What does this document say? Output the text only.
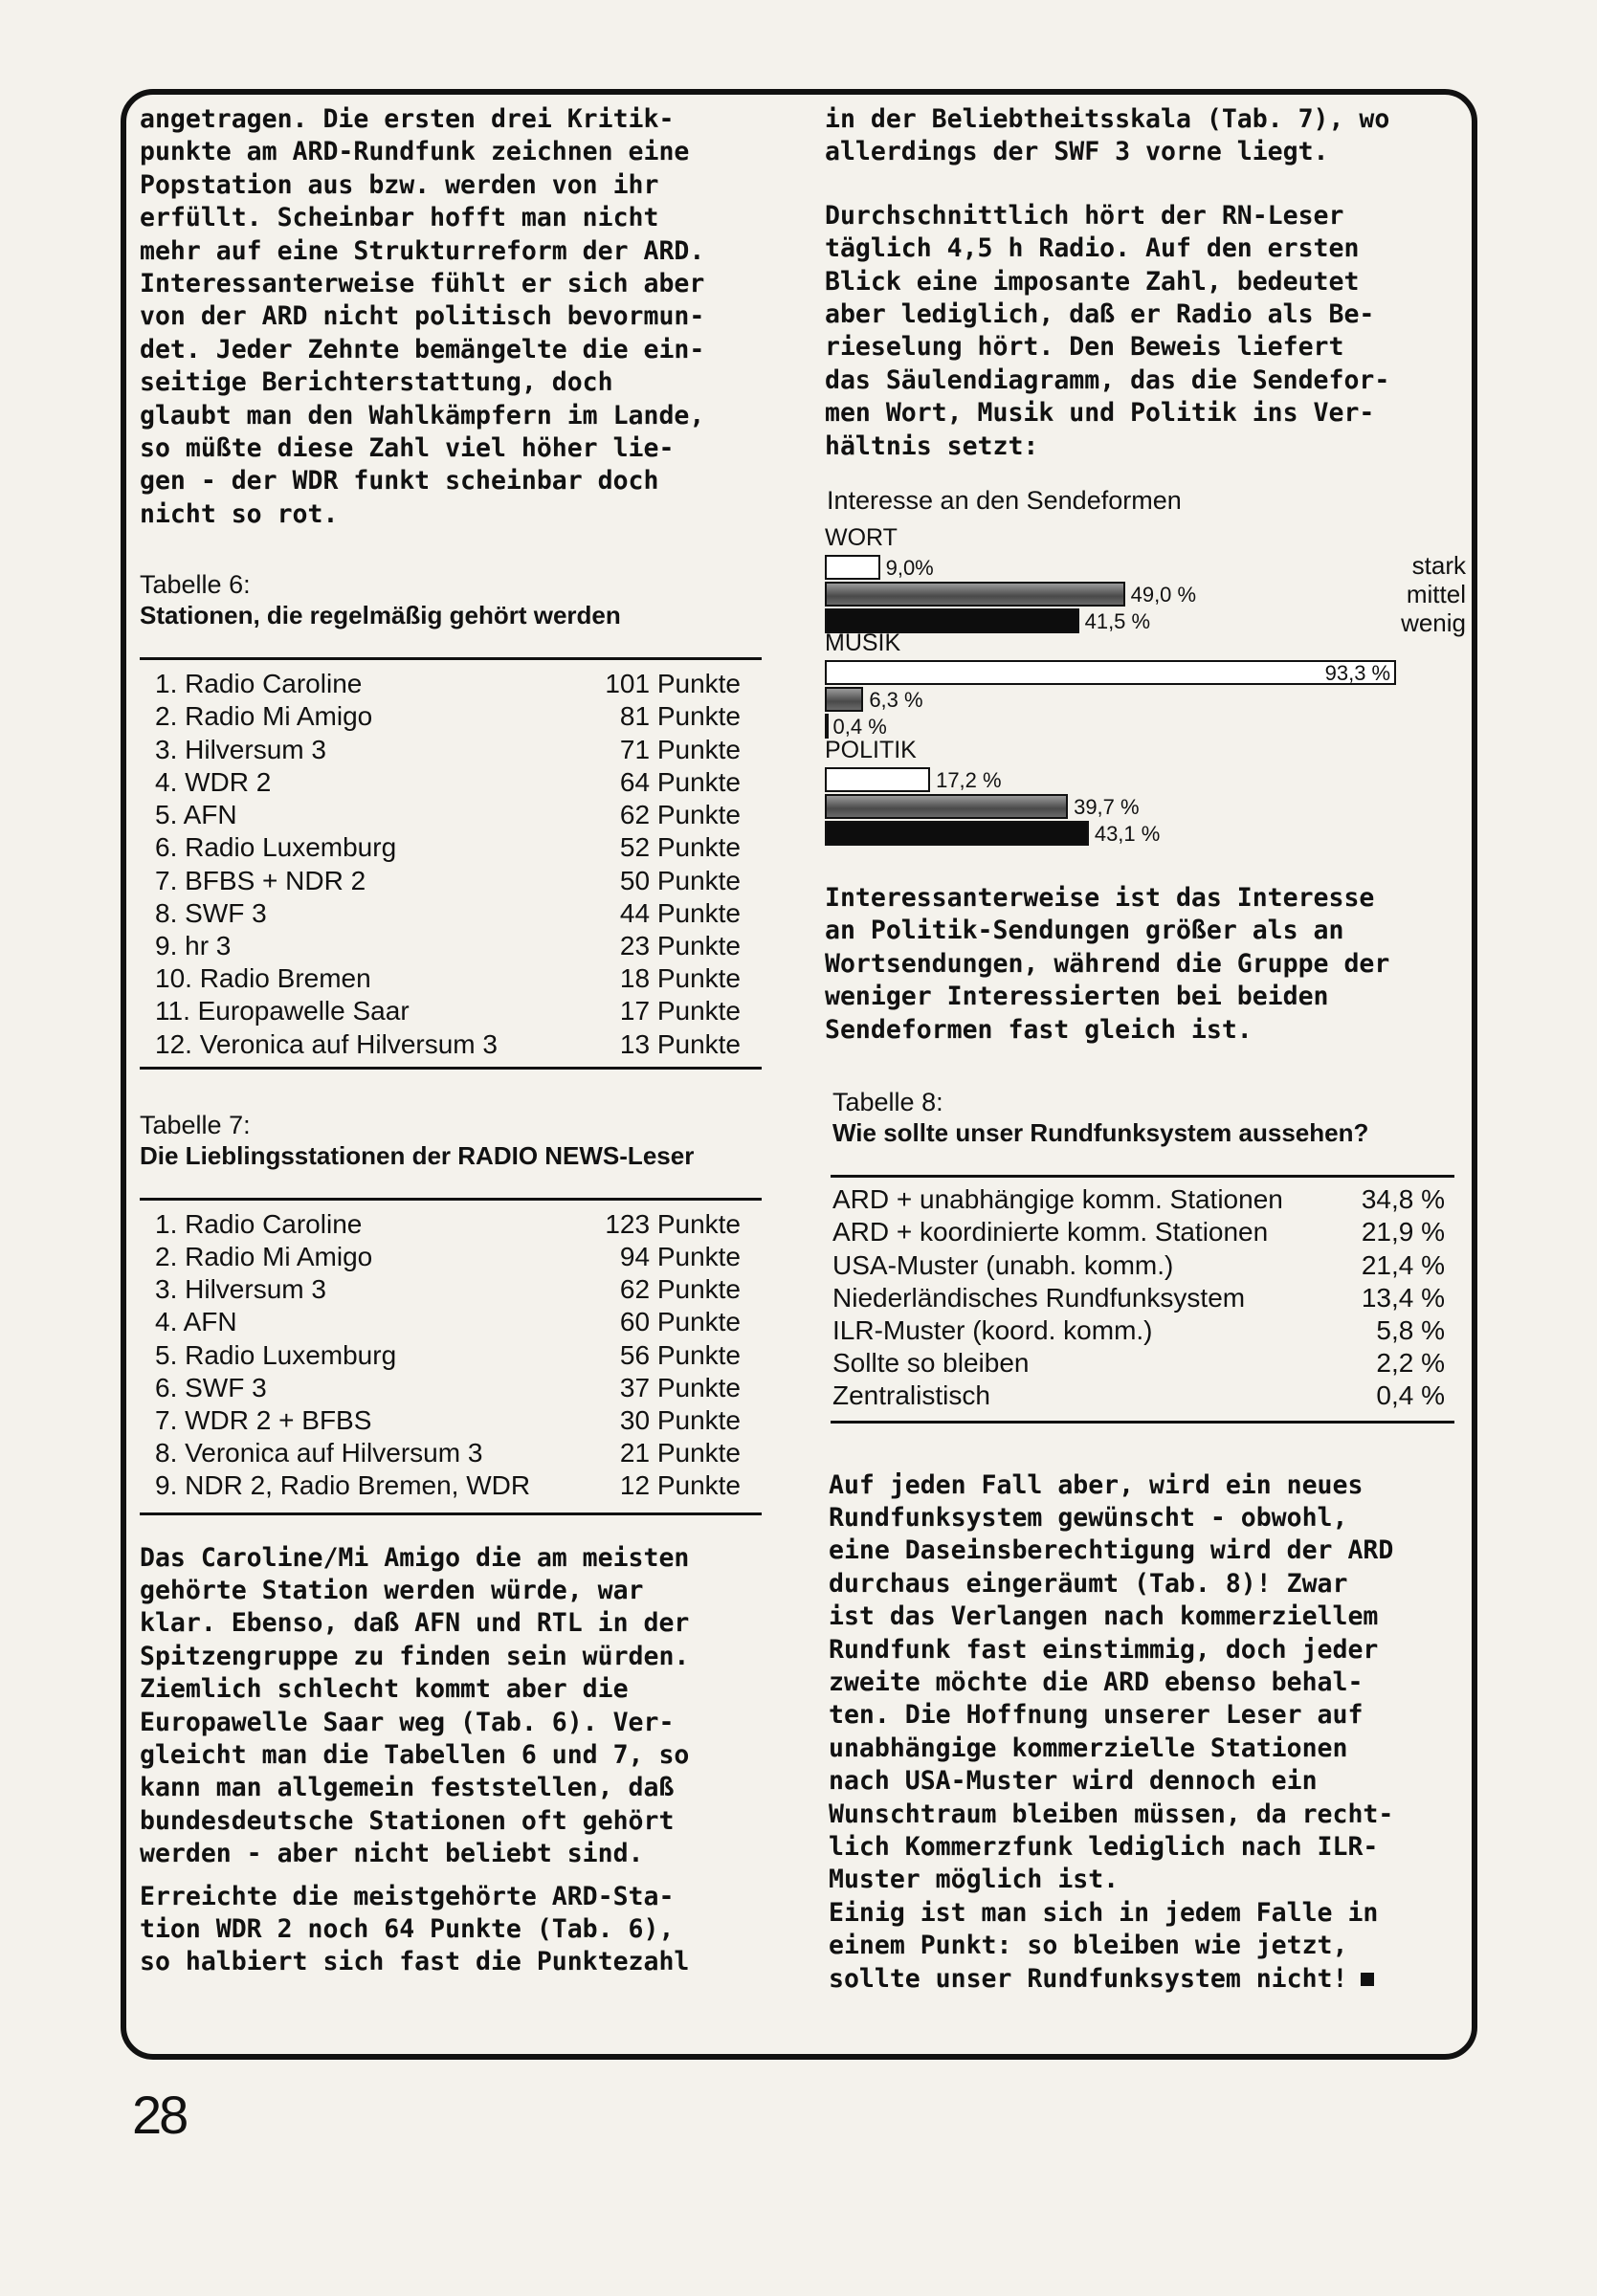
angetragen. Die ersten drei Kritik-

punkte am ARD-Rundfunk zeichnen eine

Popstation aus bzw. werden von ihr

erfüllt. Scheinbar hofft man nicht

mehr auf eine Strukturreform der ARD.

Interessanterweise fühlt er sich aber

von der ARD nicht politisch bevormun-

det. Jeder Zehnte bemängelte die ein-

seitige Berichterstattung, doch

glaubt man den Wahlkämpfern im Lande,

so müßte diese Zahl viel höher lie-

gen - der WDR funkt scheinbar doch

nicht so rot.

Tabelle 6:
Stationen, die regelmäßig gehört werden
1. Radio Caroline	101 Punkte
2. Radio Mi Amigo	81 Punkte
3. Hilversum 3	71 Punkte
4. WDR 2	64 Punkte
5. AFN	62 Punkte
6. Radio Luxemburg	52 Punkte
7. BFBS + NDR 2	50 Punkte
8. SWF 3	44 Punkte
9. hr 3	23 Punkte
10. Radio Bremen	18 Punkte
11. Europawelle Saar	17 Punkte
12. Veronica auf Hilversum 3	13 Punkte
Tabelle 7:
Die Lieblingsstationen der RADIO NEWS-Leser
1. Radio Caroline	123 Punkte
2. Radio Mi Amigo	94 Punkte
3. Hilversum 3	62 Punkte
4. AFN	60 Punkte
5. Radio Luxemburg	56 Punkte
6. SWF 3	37 Punkte
7. WDR 2 + BFBS	30 Punkte
8. Veronica auf Hilversum 3	21 Punkte
9. NDR 2, Radio Bremen, WDR	12 Punkte

Das Caroline/Mi Amigo die am meisten

gehörte Station werden würde, war

klar. Ebenso, daß AFN und RTL in der

Spitzengruppe zu finden sein würden.

Ziemlich schlecht kommt aber die

Europawelle Saar weg (Tab. 6). Ver-

gleicht man die Tabellen 6 und 7, so

kann man allgemein feststellen, daß

bundesdeutsche Stationen oft gehört

werden - aber nicht beliebt sind.

Erreichte die meistgehörte ARD-Sta-

tion WDR 2 noch 64 Punkte (Tab. 6),

so halbiert sich fast die Punktezahl

in der Beliebtheitsskala (Tab. 7), wo

allerdings der SWF 3 vorne liegt.

Durchschnittlich hört der RN-Leser

täglich 4,5 h Radio. Auf den ersten

Blick eine imposante Zahl, bedeutet

aber lediglich, daß er Radio als Be-

rieselung hört. Den Beweis liefert

das Säulendiagramm, das die Sendefor-

men Wort, Musik und Politik ins Ver-

hältnis setzt:

Interesse an den Sendeformen
WORT
9,0%
49,0 %
41,5 %
MUSIK
93,3 %
6,3 %
0,4 %
POLITIK
17,2 %
39,7 %
43,1 %
stark
mittel
wenig

Interessanterweise ist das Interesse

an Politik-Sendungen größer als an

Wortsendungen, während die Gruppe der

weniger Interessierten bei beiden

Sendeformen fast gleich ist.

Tabelle 8:
Wie sollte unser Rundfunksystem aussehen?
ARD + unabhängige komm. Stationen	34,8 %
ARD + koordinierte komm. Stationen	21,9 %
USA-Muster (unabh. komm.)	21,4 %
Niederländisches Rundfunksystem	13,4 %
ILR-Muster (koord. komm.)	5,8 %
Sollte so bleiben	2,2 %
Zentralistisch	0,4 %

Auf jeden Fall aber, wird ein neues

Rundfunksystem gewünscht - obwohl,

eine Daseinsberechtigung wird der ARD

durchaus eingeräumt (Tab. 8)! Zwar

ist das Verlangen nach kommerziellem

Rundfunk fast einstimmig, doch jeder

zweite möchte die ARD ebenso behal-

ten. Die Hoffnung unserer Leser auf

unabhängige kommerzielle Stationen

nach USA-Muster wird dennoch ein

Wunschtraum bleiben müssen, da recht-

lich Kommerzfunk lediglich nach ILR-

Muster möglich ist.

Einig ist man sich in jedem Falle in

einem Punkt: so bleiben wie jetzt,

sollte unser Rundfunksystem nicht!

28
